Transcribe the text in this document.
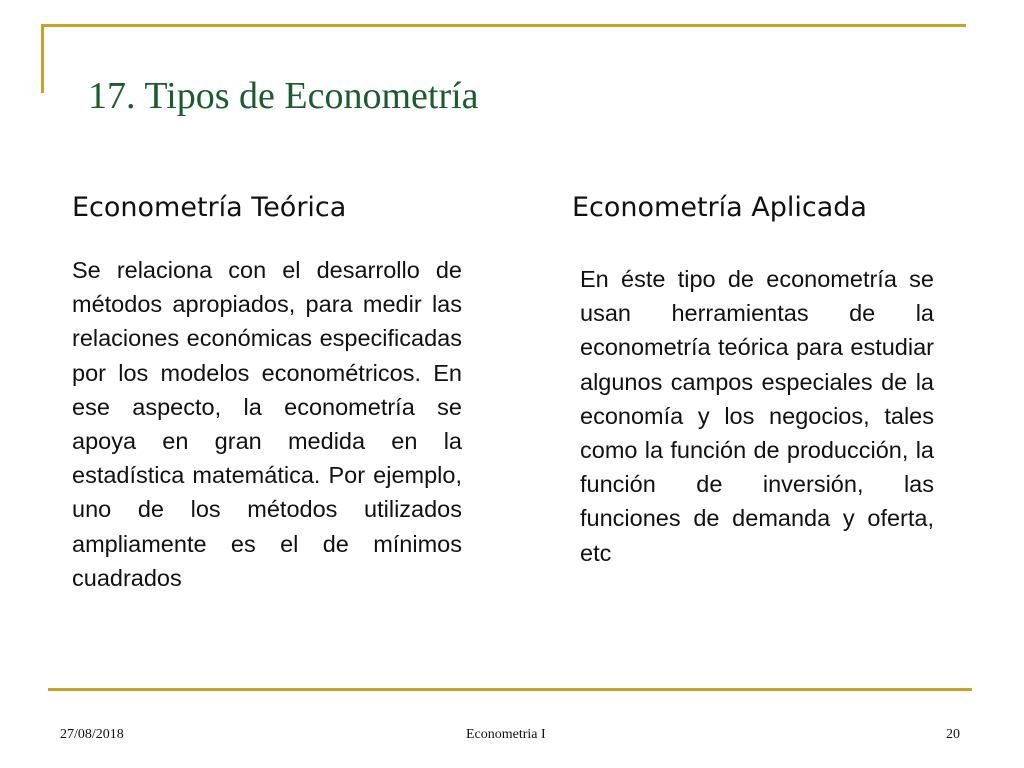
17. Tipos de Econometría
Econometría Teórica

Se relaciona con el desarrollo de métodos apropiados, para medir las relaciones económicas especificadas por los modelos econométricos. En ese aspecto, la econometría se apoya en gran medida en la estadística matemática. Por ejemplo, uno de los métodos utilizados ampliamente es el de mínimos cuadrados

Econometría Aplicada

En éste tipo de econometría se usan herramientas de la econometría teórica para estudiar algunos campos especiales de la economía y los negocios, tales como la función de producción, la función de inversión, las funciones de demanda y oferta, etc

27/08/2018	Econometria I	20
